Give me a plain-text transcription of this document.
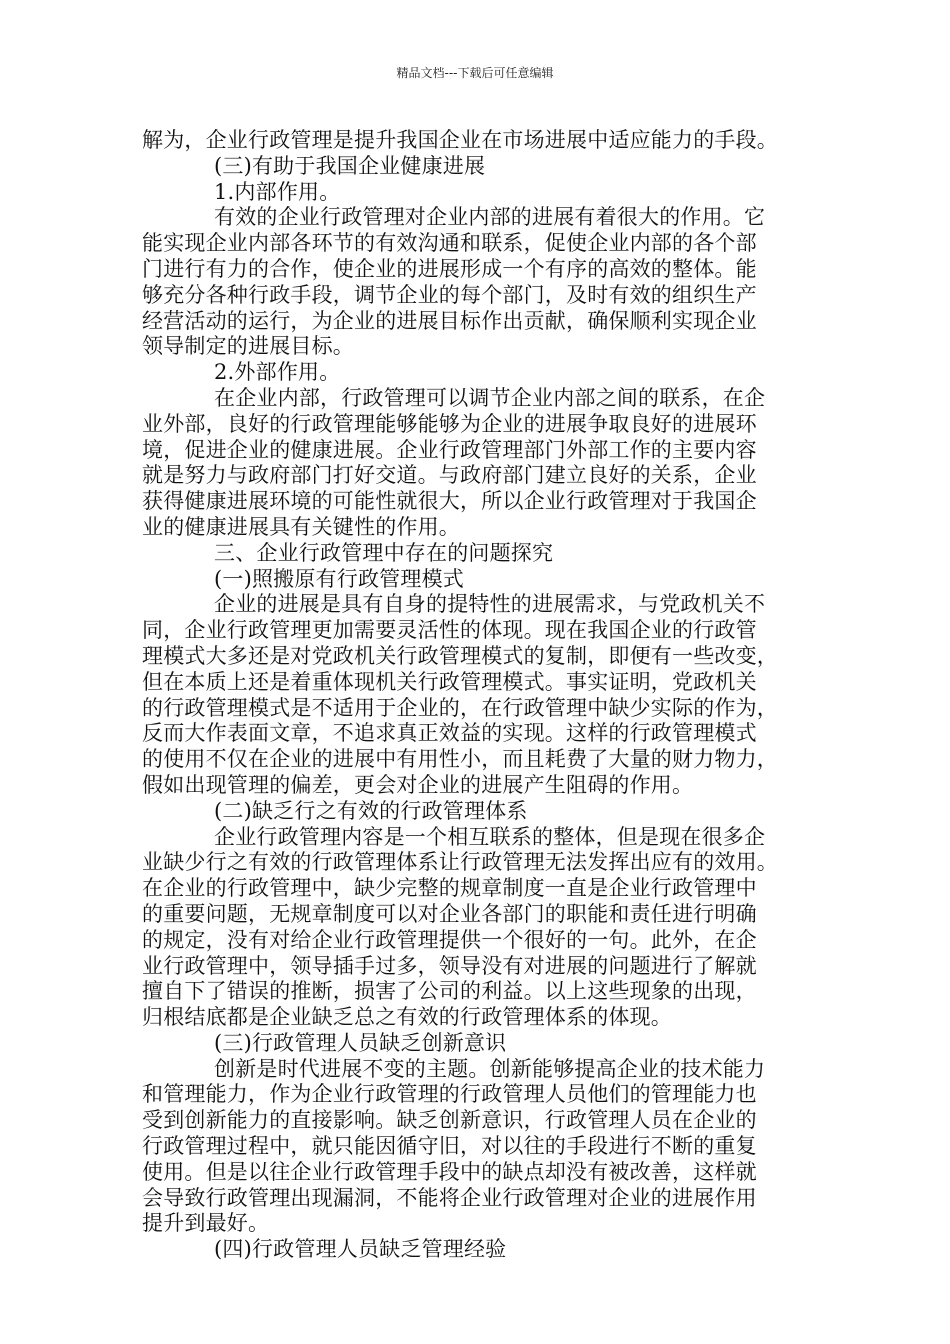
精品文档---下载后可任意编辑
解为，企业行政管理是提升我国企业在市场进展中适应能力的手段。
(三)有助于我国企业健康进展
1.内部作用。
有效的企业行政管理对企业内部的进展有着很大的作用。它
能实现企业内部各环节的有效沟通和联系，促使企业内部的各个部
门进行有力的合作，使企业的进展形成一个有序的高效的整体。能
够充分各种行政手段，调节企业的每个部门，及时有效的组织生产
经营活动的运行，为企业的进展目标作出贡献，确保顺利实现企业
领导制定的进展目标。
2.外部作用。
在企业内部，行政管理可以调节企业内部之间的联系，在企
业外部，良好的行政管理能够能够为企业的进展争取良好的进展环
境，促进企业的健康进展。企业行政管理部门外部工作的主要内容
就是努力与政府部门打好交道。与政府部门建立良好的关系，企业
获得健康进展环境的可能性就很大，所以企业行政管理对于我国企
业的健康进展具有关键性的作用。
三、企业行政管理中存在的问题探究
(一)照搬原有行政管理模式
企业的进展是具有自身的提特性的进展需求，与党政机关不
同，企业行政管理更加需要灵活性的体现。现在我国企业的行政管
理模式大多还是对党政机关行政管理模式的复制，即便有一些改变，
但在本质上还是着重体现机关行政管理模式。事实证明，党政机关
的行政管理模式是不适用于企业的，在行政管理中缺少实际的作为，
反而大作表面文章，不追求真正效益的实现。这样的行政管理模式
的使用不仅在企业的进展中有用性小，而且耗费了大量的财力物力，
假如出现管理的偏差，更会对企业的进展产生阻碍的作用。
(二)缺乏行之有效的行政管理体系
企业行政管理内容是一个相互联系的整体，但是现在很多企
业缺少行之有效的行政管理体系让行政管理无法发挥出应有的效用。
在企业的行政管理中，缺少完整的规章制度一直是企业行政管理中
的重要问题，无规章制度可以对企业各部门的职能和责任进行明确
的规定，没有对给企业行政管理提供一个很好的一句。此外，在企
业行政管理中，领导插手过多，领导没有对进展的问题进行了解就
擅自下了错误的推断，损害了公司的利益。以上这些现象的出现，
归根结底都是企业缺乏总之有效的行政管理体系的体现。
(三)行政管理人员缺乏创新意识
创新是时代进展不变的主题。创新能够提高企业的技术能力
和管理能力，作为企业行政管理的行政管理人员他们的管理能力也
受到创新能力的直接影响。缺乏创新意识，行政管理人员在企业的
行政管理过程中，就只能因循守旧，对以往的手段进行不断的重复
使用。但是以往企业行政管理手段中的缺点却没有被改善，这样就
会导致行政管理出现漏洞，不能将企业行政管理对企业的进展作用
提升到最好。
(四)行政管理人员缺乏管理经验
